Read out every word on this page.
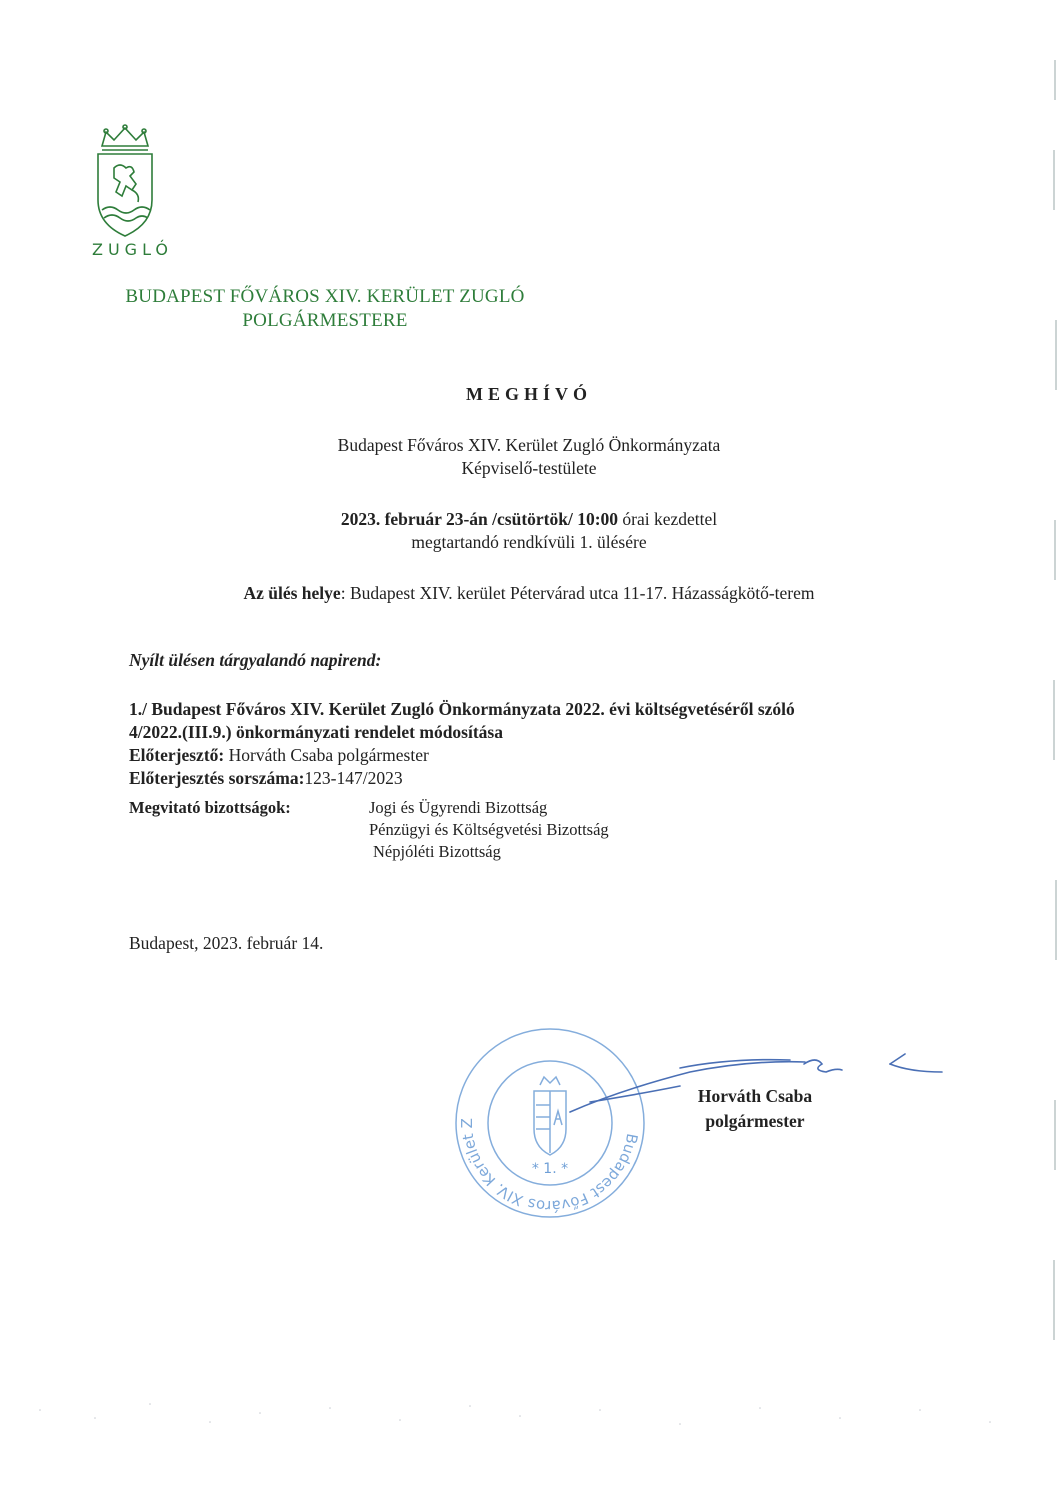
ZUGLÓ
BUDAPEST FŐVÁROS XIV. KERÜLET ZUGLÓ
POLGÁRMESTERE
MEGHÍVÓ
Budapest Főváros XIV. Kerület Zugló Önkormányzata
Képviselő-testülete
2023. február 23-án /csütörtök/ 10:00 órai kezdettel
megtartandó rendkívüli 1. ülésére
Az ülés helye: Budapest XIV. kerület Pétervárad utca 11-17. Házasságkötő-terem
Nyílt ülésen tárgyalandó napirend:
1./ Budapest Főváros XIV. Kerület Zugló Önkormányzata 2022. évi költségvetéséről szóló
4/2022.(III.9.) önkormányzati rendelet módosítása
Előterjesztő: Horváth Csaba polgármester
Előterjesztés sorszáma:123-147/2023
Megvitató bizottságok:	Jogi és Ügyrendi Bizottság
Pénzügyi és Költségvetési Bizottság
Népjóléti Bizottság
Budapest, 2023. február 14.
Budapest Főváros XIV. Kerület Z
* 1. *
Horváth Csaba
polgármester
